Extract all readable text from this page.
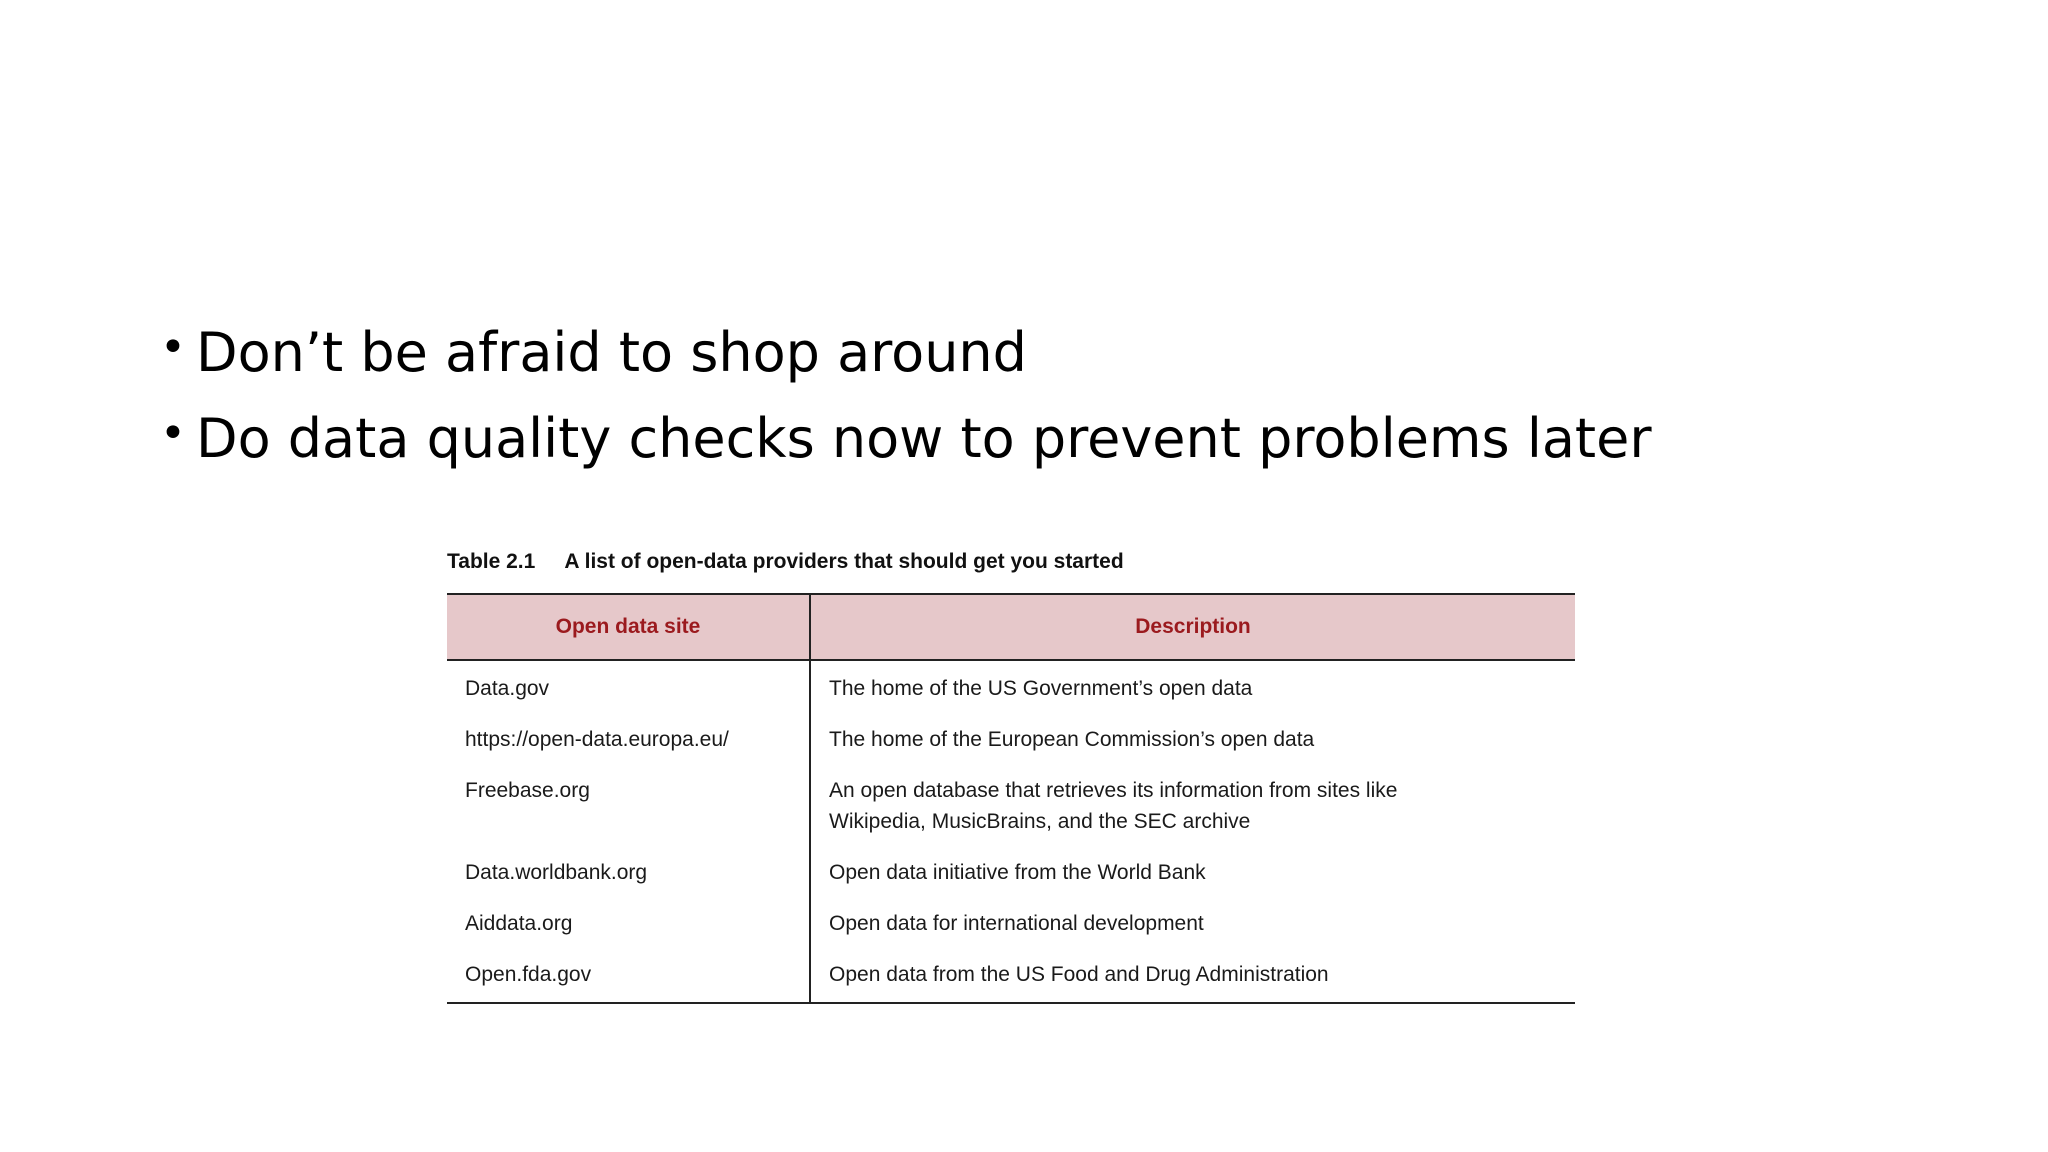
• Don’t be afraid to shop around
• Do data quality checks now to prevent problems later
Table 2.1 A list of open-data providers that should get you started
Open data site	Description
Data.gov	The home of the US Government’s open data
https://open-data.europa.eu/	The home of the European Commission’s open data
Freebase.org	An open database that retrieves its information from sites like
Wikipedia, MusicBrains, and the SEC archive

Data.worldbank.org	Open data initiative from the World Bank
Aiddata.org	Open data for international development
Open.fda.gov	Open data from the US Food and Drug Administration
